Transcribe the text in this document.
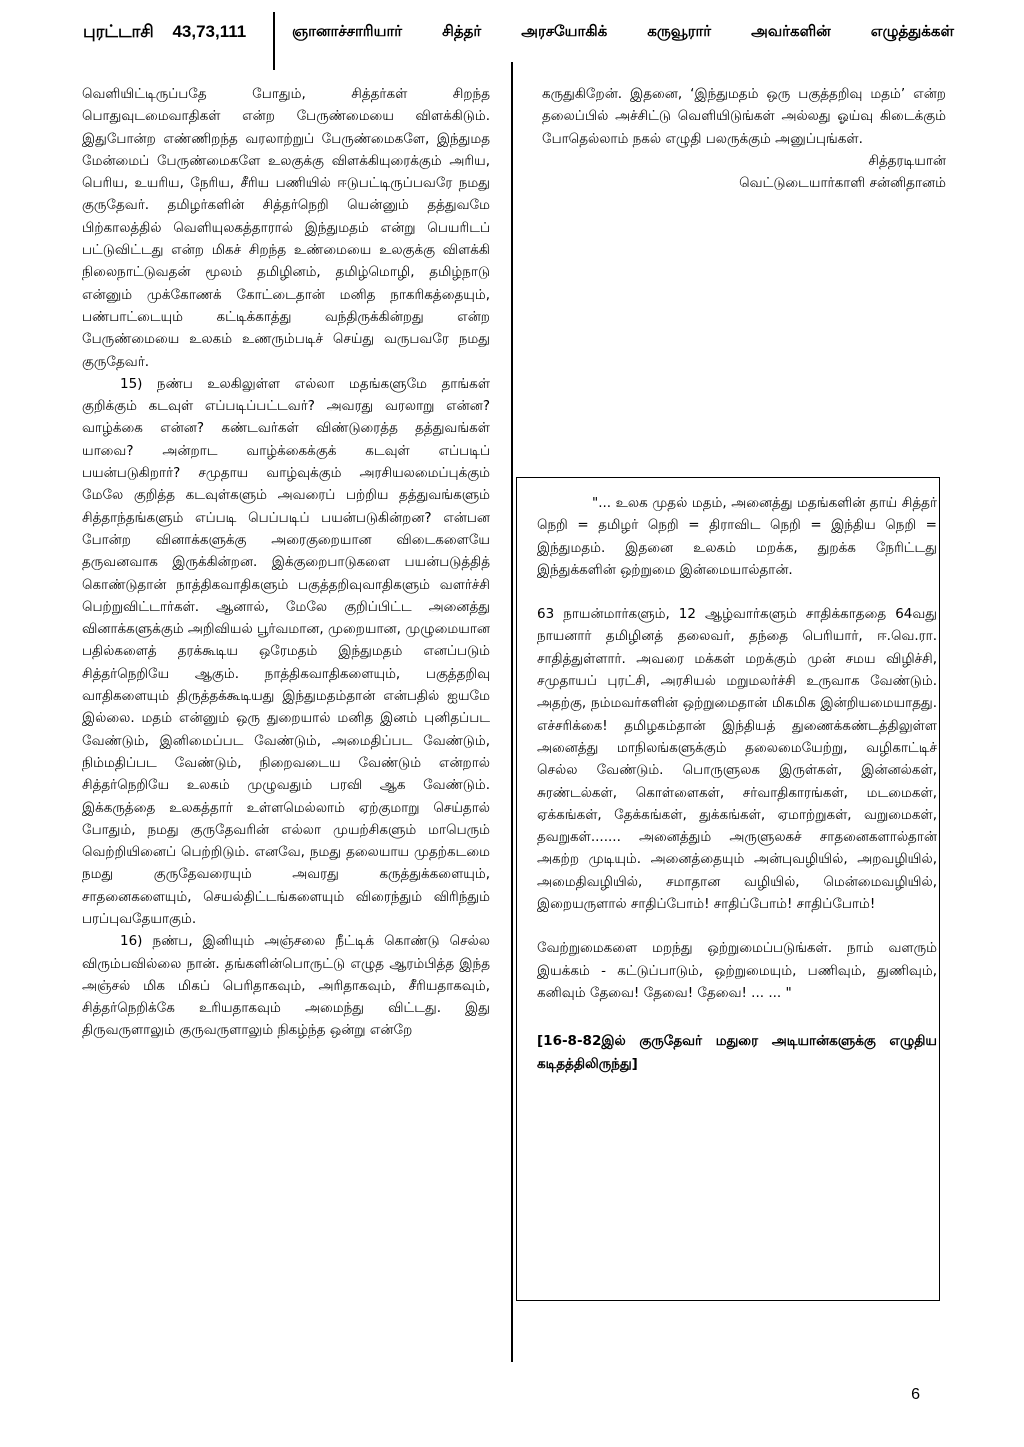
புரட்டாசி 43,73,111	ஞானாச்சாரியார் சித்தர் அரசயோகிக் கருவூரார் அவர்களின் எழுத்துக்கள்

வெளியிட்டிருப்பதே போதும், சித்தர்கள் சிறந்த பொதுவுடமைவாதிகள் என்ற பேருண்மையை விளக்கிடும். இதுபோன்ற எண்ணிறந்த வரலாற்றுப் பேருண்மைகளே, இந்துமத மேன்மைப் பேருண்மைகளே உலகுக்கு விளக்கியுரைக்கும் அரிய, பெரிய, உயரிய, நேரிய, சீரிய பணியில் ஈடுபட்டிருப்பவரே நமது குருதேவர். தமிழர்களின் சித்தர்நெறி யென்னும் தத்துவமே பிற்காலத்தில் வெளியுலகத்தாரால் இந்துமதம் என்று பெயரிடப் பட்டுவிட்டது என்ற மிகச் சிறந்த உண்மையை உலகுக்கு விளக்கி நிலைநாட்டுவதன் மூலம் தமிழினம், தமிழ்மொழி, தமிழ்நாடு என்னும் முக்கோணக் கோட்டைதான் மனித நாகரிகத்தையும், பண்பாட்டையும் கட்டிக்காத்து வந்திருக்கின்றது என்ற பேருண்மையை உலகம் உணரும்படிச் செய்து வருபவரே நமது குருதேவர்.

15) நண்ப உலகிலுள்ள எல்லா மதங்களுமே தாங்கள் குறிக்கும் கடவுள் எப்படிப்பட்டவர்? அவரது வரலாறு என்ன? வாழ்க்கை என்ன? கண்டவர்கள் விண்டுரைத்த தத்துவங்கள் யாவை? அன்றாட வாழ்க்கைக்குக் கடவுள் எப்படிப் பயன்படுகிறார்? சமுதாய வாழ்வுக்கும் அரசியலமைப்புக்கும் மேலே குறித்த கடவுள்களும் அவரைப் பற்றிய தத்துவங்களும் சித்தாந்தங்களும் எப்படி பெப்படிப் பயன்படுகின்றன? என்பன போன்ற வினாக்களுக்கு அரைகுறையான விடைகளையே தருவனவாக இருக்கின்றன. இக்குறைபாடுகளை பயன்படுத்தித் கொண்டுதான் நாத்திகவாதிகளும் பகுத்தறிவுவாதிகளும் வளர்ச்சி பெற்றுவிட்டார்கள். ஆனால், மேலே குறிப்பிட்ட அனைத்து வினாக்களுக்கும் அறிவியல் பூர்வமான, முறையான, முழுமையான பதில்களைத் தரக்கூடிய ஒரேமதம் இந்துமதம் எனப்படும் சித்தர்நெறியே ஆகும். நாத்திகவாதிகளையும், பகுத்தறிவு வாதிகளையும் திருத்தக்கூடியது இந்துமதம்தான் என்பதில் ஐயமே இல்லை. மதம் என்னும் ஒரு துறையால் மனித இனம் புனிதப்பட வேண்டும், இனிமைப்பட வேண்டும், அமைதிப்பட வேண்டும், நிம்மதிப்பட வேண்டும், நிறைவடைய வேண்டும் என்றால் சித்தர்நெறியே உலகம் முழுவதும் பரவி ஆக வேண்டும். இக்கருத்தை உலகத்தார் உள்ளமெல்லாம் ஏற்குமாறு செய்தால் போதும், நமது குருதேவரின் எல்லா முயற்சிகளும் மாபெரும் வெற்றியினைப் பெற்றிடும். எனவே, நமது தலையாய முதற்கடமை நமது குருதேவரையும் அவரது கருத்துக்களையும், சாதனைகளையும், செயல்திட்டங்களையும் விரைந்தும் விரிந்தும் பரப்புவதேயாகும்.

16) நண்ப, இனியும் அஞ்சலை நீட்டிக் கொண்டு செல்ல விரும்பவில்லை நான். தங்களின்பொருட்டு எழுத ஆரம்பித்த இந்த அஞ்சல் மிக மிகப் பெரிதாகவும், அரிதாகவும், சீரியதாகவும், சித்தர்நெறிக்கே உரியதாகவும் அமைந்து விட்டது. இது திருவருளாலும் குருவருளாலும் நிகழ்ந்த ஒன்று என்றே

கருதுகிறேன். இதனை, ‘இந்துமதம் ஒரு பகுத்தறிவு மதம்’ என்ற தலைப்பில் அச்சிட்டு வெளியிடுங்கள் அல்லது ஓய்வு கிடைக்கும் போதெல்லாம் நகல் எழுதி பலருக்கும் அனுப்புங்கள்.

சித்தரடியான்

வெட்டுடையார்காளி சன்னிதானம்

"... உலக முதல் மதம், அனைத்து மதங்களின் தாய் சித்தர் நெறி = தமிழர் நெறி = திராவிட நெறி = இந்திய நெறி = இந்துமதம். இதனை உலகம் மறக்க, துறக்க நேரிட்டது இந்துக்களின் ஒற்றுமை இன்மையால்தான்.

63 நாயன்மார்களும், 12 ஆழ்வார்களும் சாதிக்காததை 64வது நாயனார் தமிழினத் தலைவர், தந்தை பெரியார், ஈ.வெ.ரா. சாதித்துள்ளார். அவரை மக்கள் மறக்கும் முன் சமய விழிச்சி, சமுதாயப் புரட்சி, அரசியல் மறுமலர்ச்சி உருவாக வேண்டும். அதற்கு, நம்மவர்களின் ஒற்றுமைதான் மிகமிக இன்றியமையாதது. எச்சரிக்கை! தமிழகம்தான் இந்தியத் துணைக்கண்டத்திலுள்ள அனைத்து மாநிலங்களுக்கும் தலைமையேற்று, வழிகாட்டிச் செல்ல வேண்டும். பொருளுலக இருள்கள், இன்னல்கள், சுரண்டல்கள், கொள்ளைகள், சர்வாதிகாரங்கள், மடமைகள், ஏக்கங்கள், தேக்கங்கள், துக்கங்கள், ஏமாற்றுகள், வறுமைகள், தவறுகள்....... அனைத்தும் அருளுலகச் சாதனைகளால்தான் அகற்ற முடியும். அனைத்தையும் அன்புவழியில், அறவழியில், அமைதிவழியில், சமாதான வழியில், மென்மைவழியில், இறையருளால் சாதிப்போம்! சாதிப்போம்! சாதிப்போம்!

வேற்றுமைகளை மறந்து ஒற்றுமைப்படுங்கள். நாம் வளரும் இயக்கம் - கட்டுப்பாடும், ஒற்றுமையும், பணிவும், துணிவும், கனிவும் தேவை! தேவை! தேவை! ... ... "

[16-8-82இல் குருதேவர் மதுரை அடியான்களுக்கு எழுதிய கடிதத்திலிருந்து]

6
